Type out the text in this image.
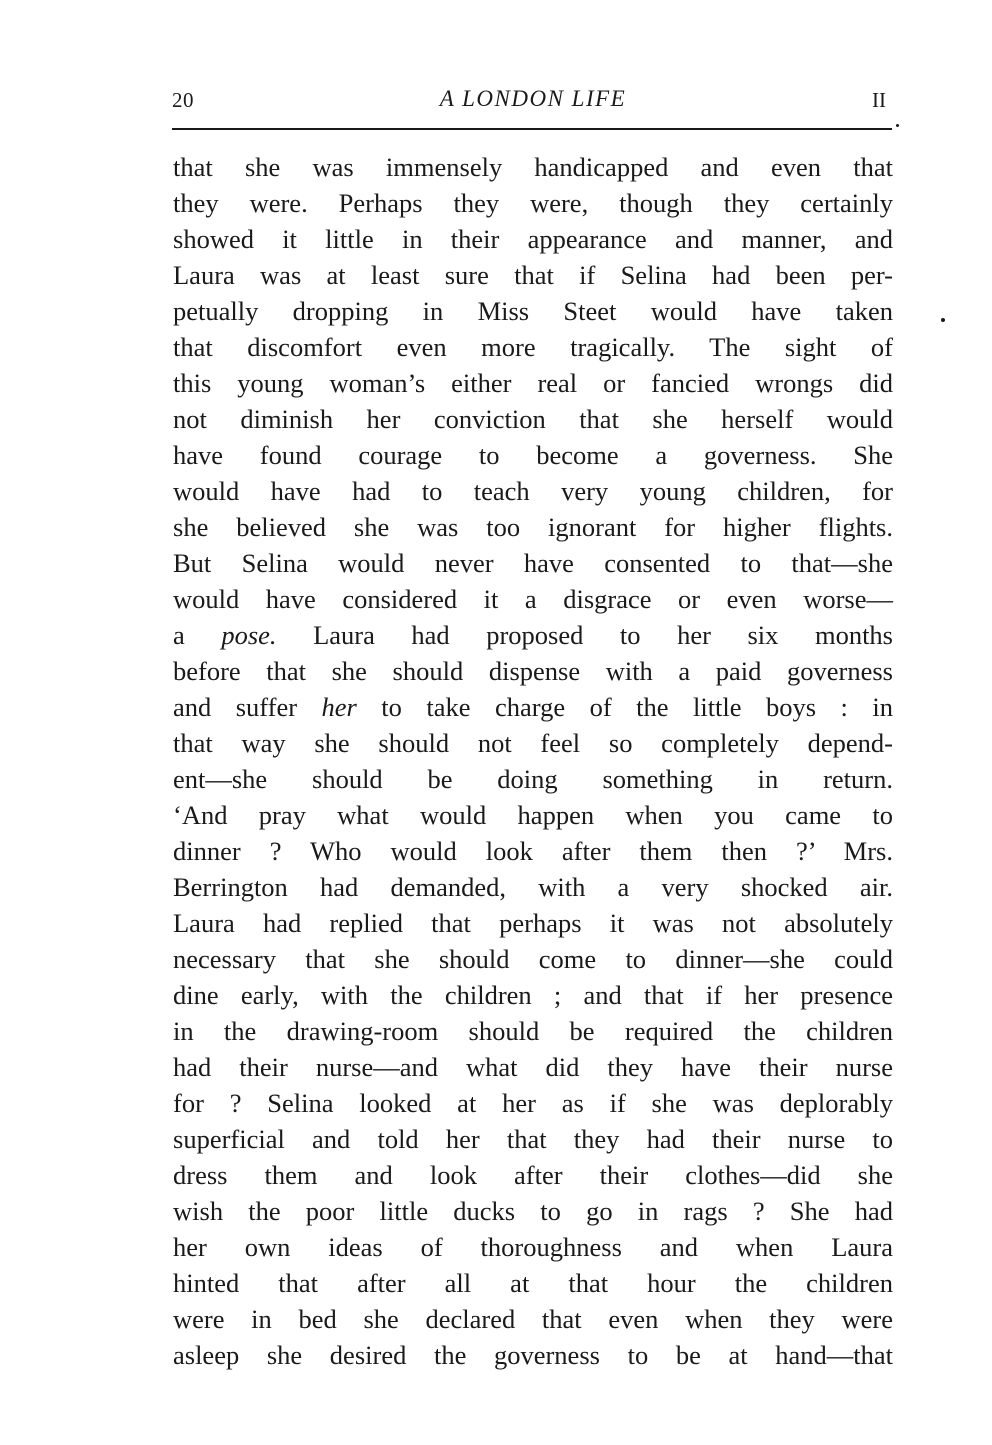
20	A LONDON LIFE	II
that she was immensely handicapped and even that
they were. Perhaps they were, though they certainly
showed it little in their appearance and manner, and
Laura was at least sure that if Selina had been per-
petually dropping in Miss Steet would have taken
that discomfort even more tragically. The sight of
this young woman’s either real or fancied wrongs did
not diminish her conviction that she herself would
have found courage to become a governess. She
would have had to teach very young children, for
she believed she was too ignorant for higher flights.
But Selina would never have consented to that—she
would have considered it a disgrace or even worse—
a pose. Laura had proposed to her six months
before that she should dispense with a paid governess
and suffer her to take charge of the little boys : in
that way she should not feel so completely depend-
ent—she should be doing something in return.
‘And pray what would happen when you came to
dinner ? Who would look after them then ?’ Mrs.
Berrington had demanded, with a very shocked air.
Laura had replied that perhaps it was not absolutely
necessary that she should come to dinner—she could
dine early, with the children ; and that if her presence
in the drawing-room should be required the children
had their nurse—and what did they have their nurse
for ? Selina looked at her as if she was deplorably
superficial and told her that they had their nurse to
dress them and look after their clothes—did she
wish the poor little ducks to go in rags ? She had
her own ideas of thoroughness and when Laura
hinted that after all at that hour the children
were in bed she declared that even when they were
asleep she desired the governess to be at hand—that
